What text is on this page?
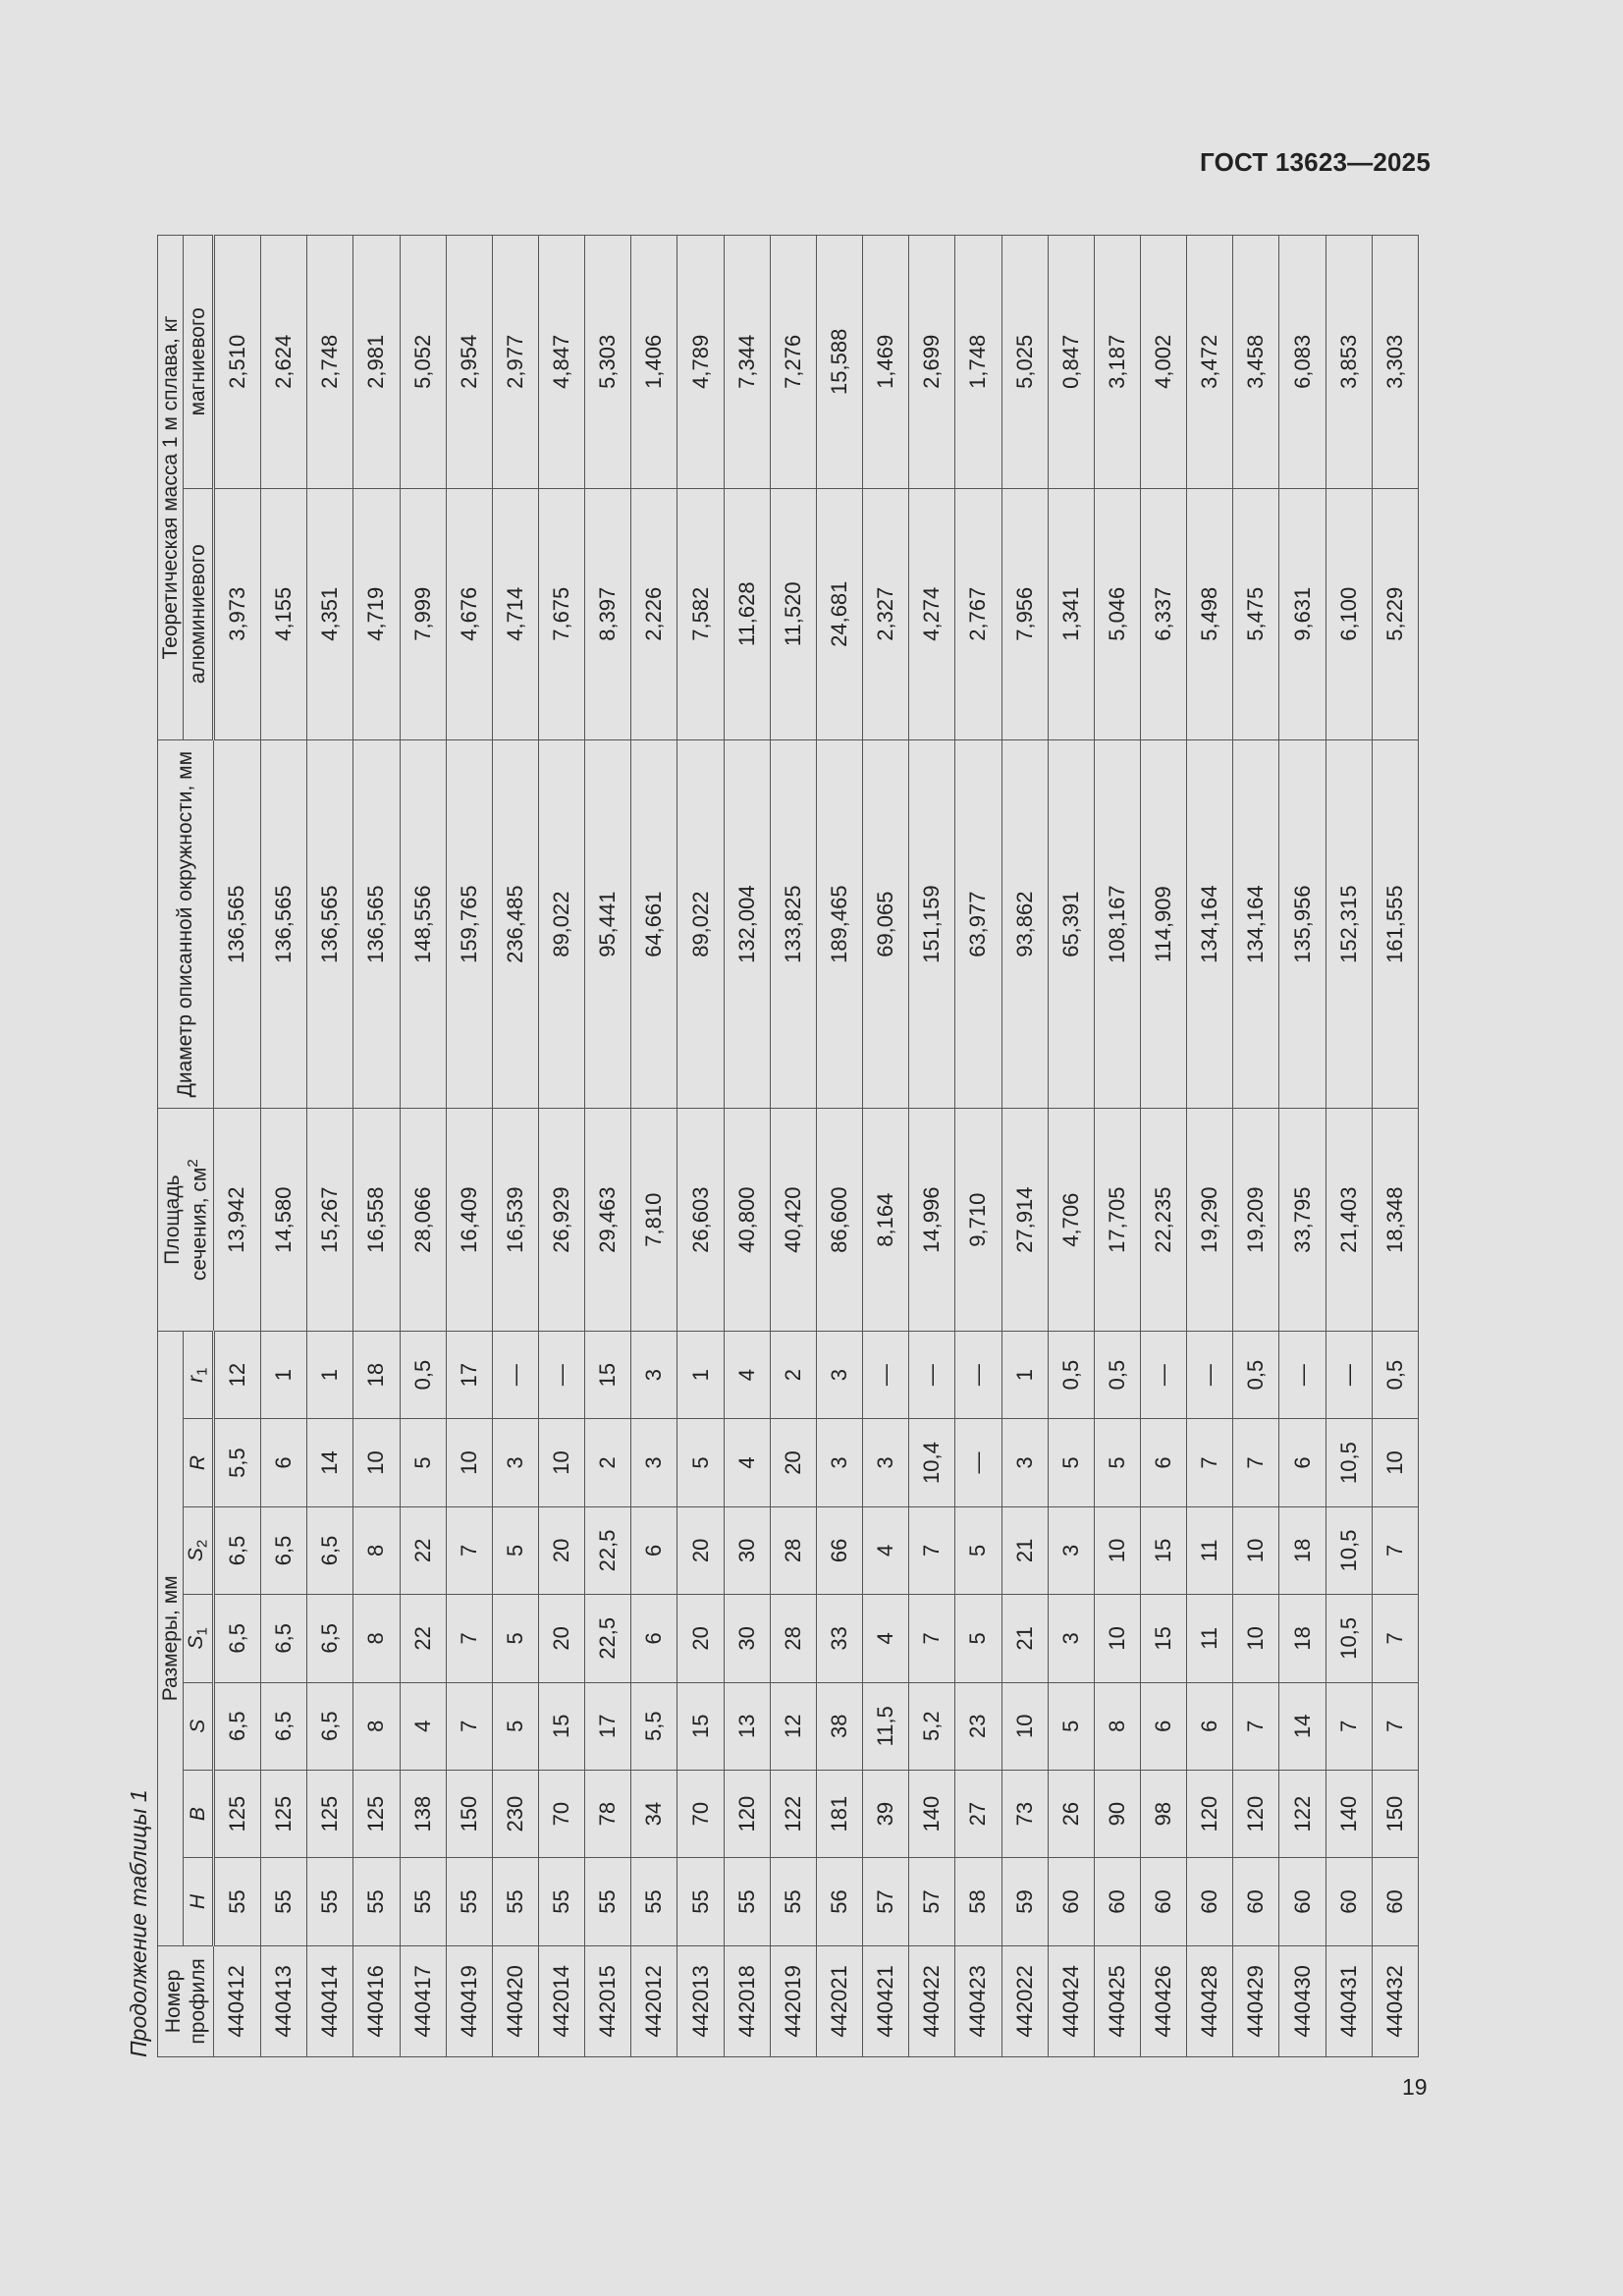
ГОСТ 13623—2025
Продолжение таблицы 1 Номер профиля	Размеры, мм							Площадь сечения, $см^2$	Диаметр описанной окружности, мм	Теоретическая масса 1 м сплава, кг	
	H	B	S	$S_1$	$S_2$	R	$r_1$			алюминиевого	магниевого
440412	55	125	6,5	6,5	6,5	5,5	12	13,942	136,565	3,973	2,510
440413	55	125	6,5	6,5	6,5	6	1	14,580	136,565	4,155	2,624
440414	55	125	6,5	6,5	6,5	14	1	15,267	136,565	4,351	2,748
440416	55	125	8	8	8	10	18	16,558	136,565	4,719	2,981
440417	55	138	4	22	22	5	0,5	28,066	148,556	7,999	5,052
440419	55	150	7	7	7	10	17	16,409	159,765	4,676	2,954
440420	55	230	5	5	5	3	—	16,539	236,485	4,714	2,977
442014	55	70	15	20	20	10	—	26,929	89,022	7,675	4,847
442015	55	78	17	22,5	22,5	2	15	29,463	95,441	8,397	5,303
442012	55	34	5,5	6	6	3	3	7,810	64,661	2,226	1,406
442013	55	70	15	20	20	5	1	26,603	89,022	7,582	4,789
442018	55	120	13	30	30	4	4	40,800	132,004	11,628	7,344
442019	55	122	12	28	28	20	2	40,420	133,825	11,520	7,276
442021	56	181	38	33	66	3	3	86,600	189,465	24,681	15,588
440421	57	39	11,5	4	4	3	—	8,164	69,065	2,327	1,469
440422	57	140	5,2	7	7	10,4	—	14,996	151,159	4,274	2,699
440423	58	27	23	5	5	—	—	9,710	63,977	2,767	1,748
442022	59	73	10	21	21	3	1	27,914	93,862	7,956	5,025
440424	60	26	5	3	3	5	0,5	4,706	65,391	1,341	0,847
440425	60	90	8	10	10	5	0,5	17,705	108,167	5,046	3,187
440426	60	98	6	15	15	6	—	22,235	114,909	6,337	4,002
440428	60	120	6	11	11	7	—	19,290	134,164	5,498	3,472
440429	60	120	7	10	10	7	0,5	19,209	134,164	5,475	3,458
440430	60	122	14	18	18	6	—	33,795	135,956	9,631	6,083
440431	60	140	7	10,5	10,5	10,5	—	21,403	152,315	6,100	3,853
440432	60	150	7	7	7	10	0,5	18,348	161,555	5,229	3,303
19
